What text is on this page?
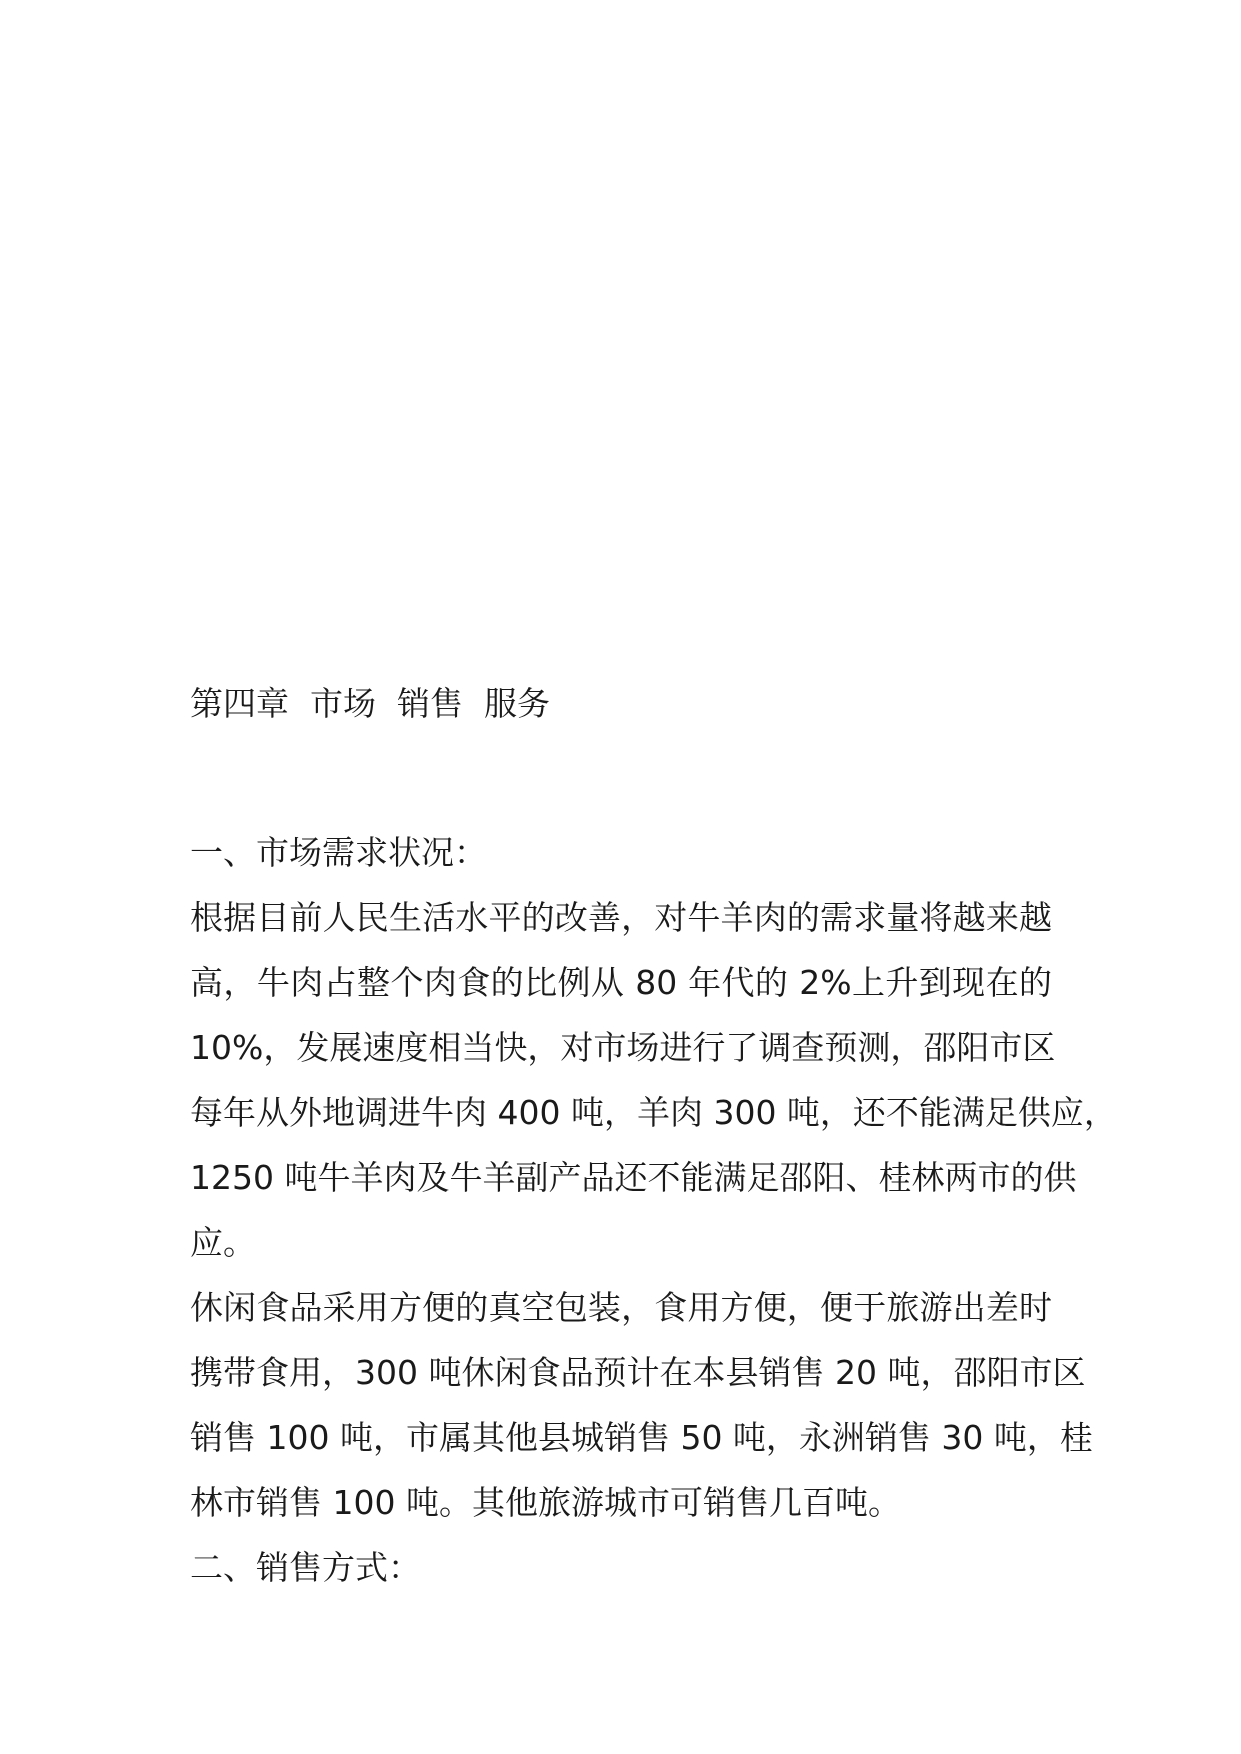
第四章  市场  销售  服务
一、市场需求状况：
根据目前人民生活水平的改善，对牛羊肉的需求量将越来越
高，牛肉占整个肉食的比例从 80 年代的 2%上升到现在的
10%，发展速度相当快，对市场进行了调查预测，邵阳市区
每年从外地调进牛肉 400 吨，羊肉 300 吨，还不能满足供应，
1250 吨牛羊肉及牛羊副产品还不能满足邵阳、桂林两市的供
应。
休闲食品采用方便的真空包装，食用方便，便于旅游出差时
携带食用，300 吨休闲食品预计在本县销售 20 吨，邵阳市区
销售 100 吨，市属其他县城销售 50 吨，永洲销售 30 吨，桂
林市销售 100 吨。其他旅游城市可销售几百吨。
二、销售方式：
